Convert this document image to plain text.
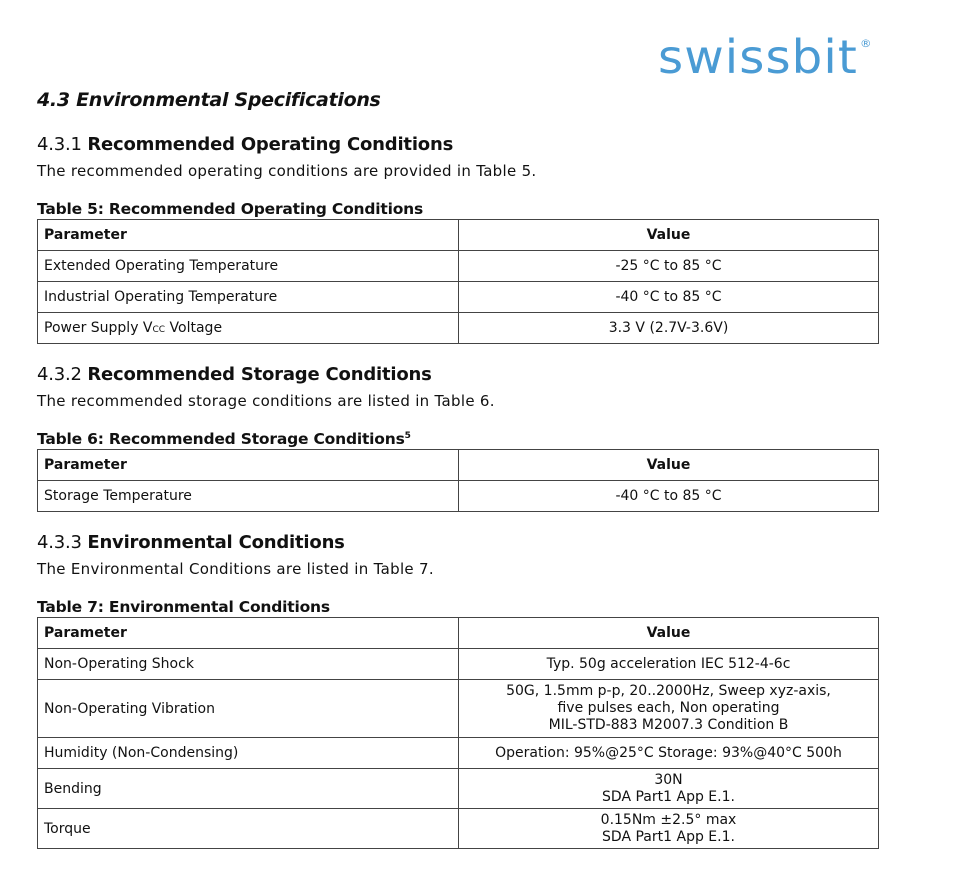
swissbit ®
4.3 Environmental Specifications
4.3.1 Recommended Operating Conditions
The recommended operating conditions are provided in Table 5.
Table 5: Recommended Operating Conditions
Parameter	Value
Extended Operating Temperature	-25 °C to 85 °C
Industrial Operating Temperature	-40 °C to 85 °C
Power Supply VCC Voltage	3.3 V (2.7V-3.6V)
4.3.2 Recommended Storage Conditions
The recommended storage conditions are listed in Table 6.
Table 6: Recommended Storage Conditions$^5$
Parameter	Value
Storage Temperature	-40 °C to 85 °C
4.3.3 Environmental Conditions
The Environmental Conditions are listed in Table 7.
Table 7: Environmental Conditions
Parameter	Value
Non-Operating Shock	Typ. 50g acceleration IEC 512-4-6c

Non-Operating Vibration	50G, 1.5mm p-p, 20..2000Hz, Sweep xyz-axis,
five pulses each, Non operating
MIL-STD-883 M2007.3 Condition B

Humidity (Non-Condensing)	Operation: 95%@25°C Storage: 93%@40°C 500h

Bending	30N
SDA Part1 App E.1.

Torque	0.15Nm ±2.5° max
SDA Part1 App E.1.
